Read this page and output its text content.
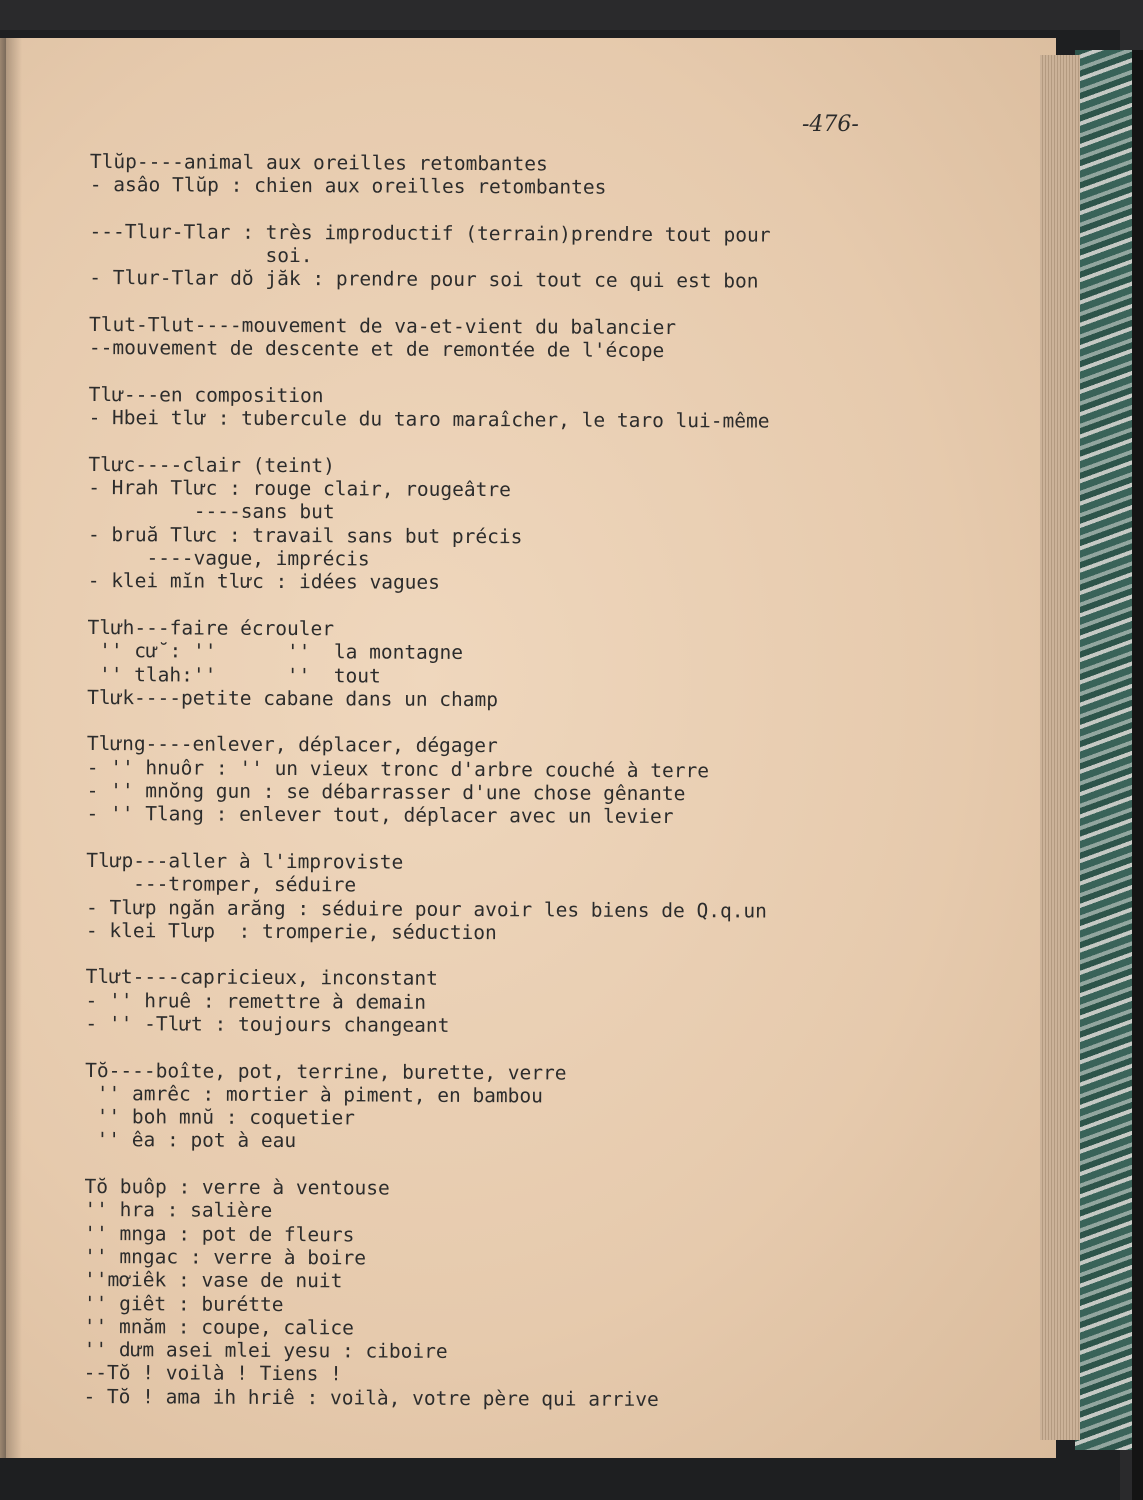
-476-
Tlŭp----animal aux oreilles retombantes
- asâo Tlŭp : chien aux oreilles retombantes

---Tlur-Tlar : très improductif (terrain)prendre tout pour
soi.
- Tlur-Tlar dŏ jăk : prendre pour soi tout ce qui est bon

Tlut-Tlut----mouvement de va-et-vient du balancier
--mouvement de descente et de remontée de l'écope

Tlư---en composition
- Hbei tlư : tubercule du taro maraîcher, le taro lui-même

Tlưc----clair (teint)
- Hrah Tlưc : rouge clair, rougeâtre
----sans but
- bruă Tlưc : travail sans but précis
----vague, imprécis
- klei mĭn tlưc : idées vagues

Tlưh---faire écrouler
'' cư̆ : ''      ''  la montagne
'' tlah:''      ''  tout
Tlưk----petite cabane dans un champ

Tlưng----enlever, déplacer, dégager
- '' hnuôr : '' un vieux tronc d'arbre couché à terre
- '' mnŏng gun : se débarrasser d'une chose gênante
- '' Tlang : enlever tout, déplacer avec un levier

Tlưp---aller à l'improviste
---tromper, séduire
- Tlưp ngăn arăng : séduire pour avoir les biens de Q.q.un
- klei Tlưp  : tromperie, séduction

Tlưt----capricieux, inconstant
- '' hruê : remettre à demain
- '' -Tlưt : toujours changeant

Tŏ----boîte, pot, terrine, burette, verre
'' amrêc : mortier à piment, en bambou
'' boh mnŭ : coquetier
'' êa : pot à eau

Tŏ buôp : verre à ventouse
'' hra : salière
'' mnga : pot de fleurs
'' mngac : verre à boire
''mơiêk : vase de nuit
'' giêt : burétte
'' mnăm : coupe, calice
'' dưm asei mlei yesu : ciboire
--Tŏ ! voilà ! Tiens !
- Tŏ ! ama ih hriê : voilà, votre père qui arrive
